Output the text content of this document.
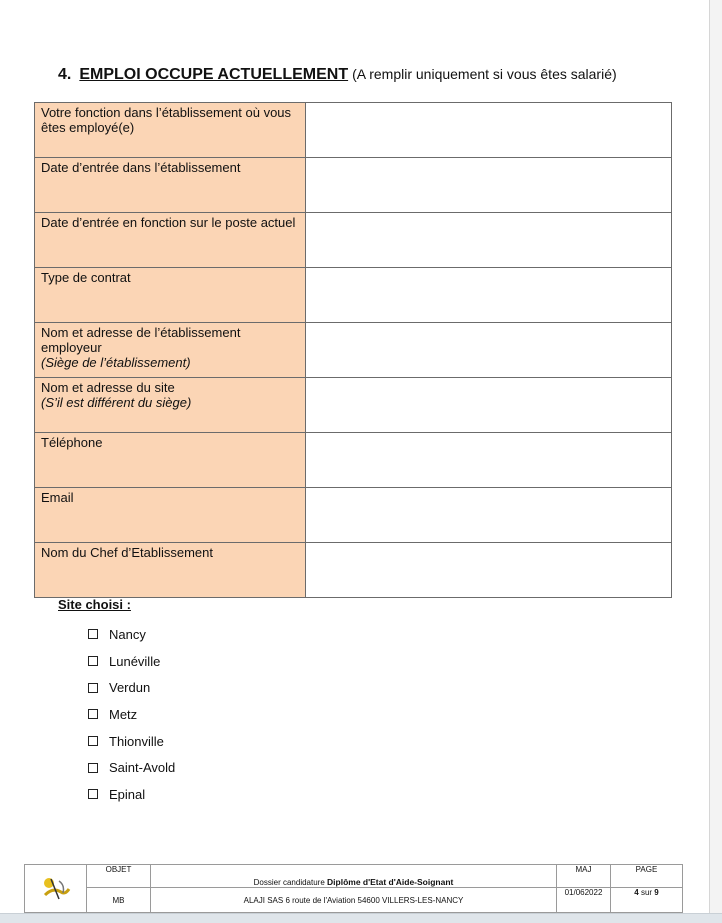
4. EMPLOI OCCUPE ACTUELLEMENT (A remplir uniquement si vous êtes salarié)
Votre fonction dans l’établissement où vous êtes employé(e)	

Date d’entrée dans l’établissement	

Date d’entrée en fonction sur le poste actuel	

Type de contrat	

Nom et adresse de l’établissement employeur
(Siège de l’établissement)	

Nom et adresse du site
(S’il est différent du siège)	

Téléphone	

Email	

Nom du Chef d’Etablissement	

Site choisi :
Nancy
Lunéville
Verdun
Metz
Thionville
Saint-Avold
Epinal
	OBJET	Dossier candidature Diplôme d'Etat d'Aide-Soignant	MAJ	PAGE
	MB	ALAJI SAS 6 route de l'Aviation 54600 VILLERS-LES-NANCY	01/062022	4 sur 9
